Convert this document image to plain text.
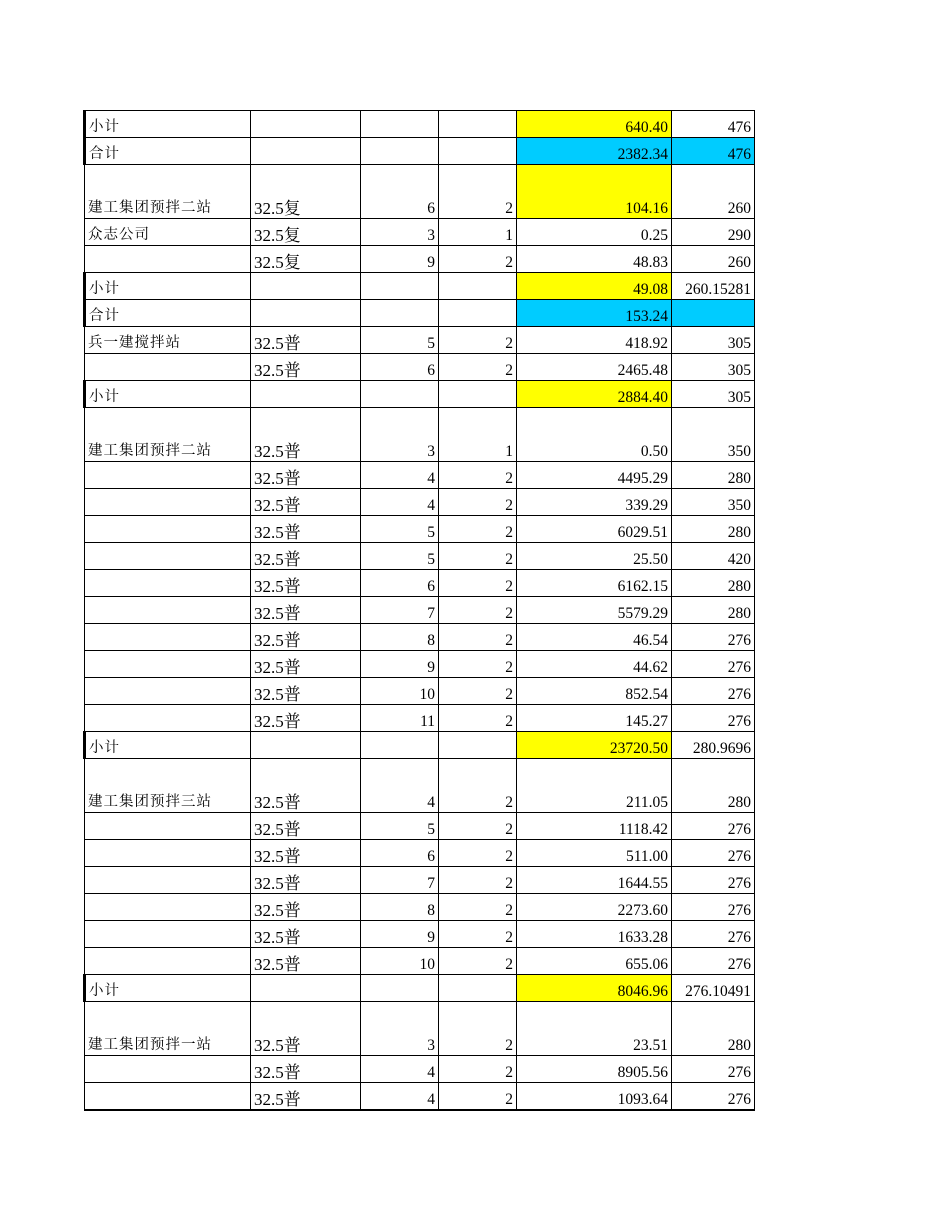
小计				640.40	476
合计				2382.34	476
建工集团预拌二站	32.5复	6	2	104.16	260
众志公司	32.5复	3	1	0.25	290
	32.5复	9	2	48.83	260
小计				49.08	260.15281
合计				153.24	
兵一建搅拌站	32.5普	5	2	418.92	305
	32.5普	6	2	2465.48	305
小计				2884.40	305
建工集团预拌二站	32.5普	3	1	0.50	350
	32.5普	4	2	4495.29	280
	32.5普	4	2	339.29	350
	32.5普	5	2	6029.51	280
	32.5普	5	2	25.50	420
	32.5普	6	2	6162.15	280
	32.5普	7	2	5579.29	280
	32.5普	8	2	46.54	276
	32.5普	9	2	44.62	276
	32.5普	10	2	852.54	276
	32.5普	11	2	145.27	276
小计				23720.50	280.9696
建工集团预拌三站	32.5普	4	2	211.05	280
	32.5普	5	2	1118.42	276
	32.5普	6	2	511.00	276
	32.5普	7	2	1644.55	276
	32.5普	8	2	2273.60	276
	32.5普	9	2	1633.28	276
	32.5普	10	2	655.06	276
小计				8046.96	276.10491
建工集团预拌一站	32.5普	3	2	23.51	280
	32.5普	4	2	8905.56	276
	32.5普	4	2	1093.64	276
